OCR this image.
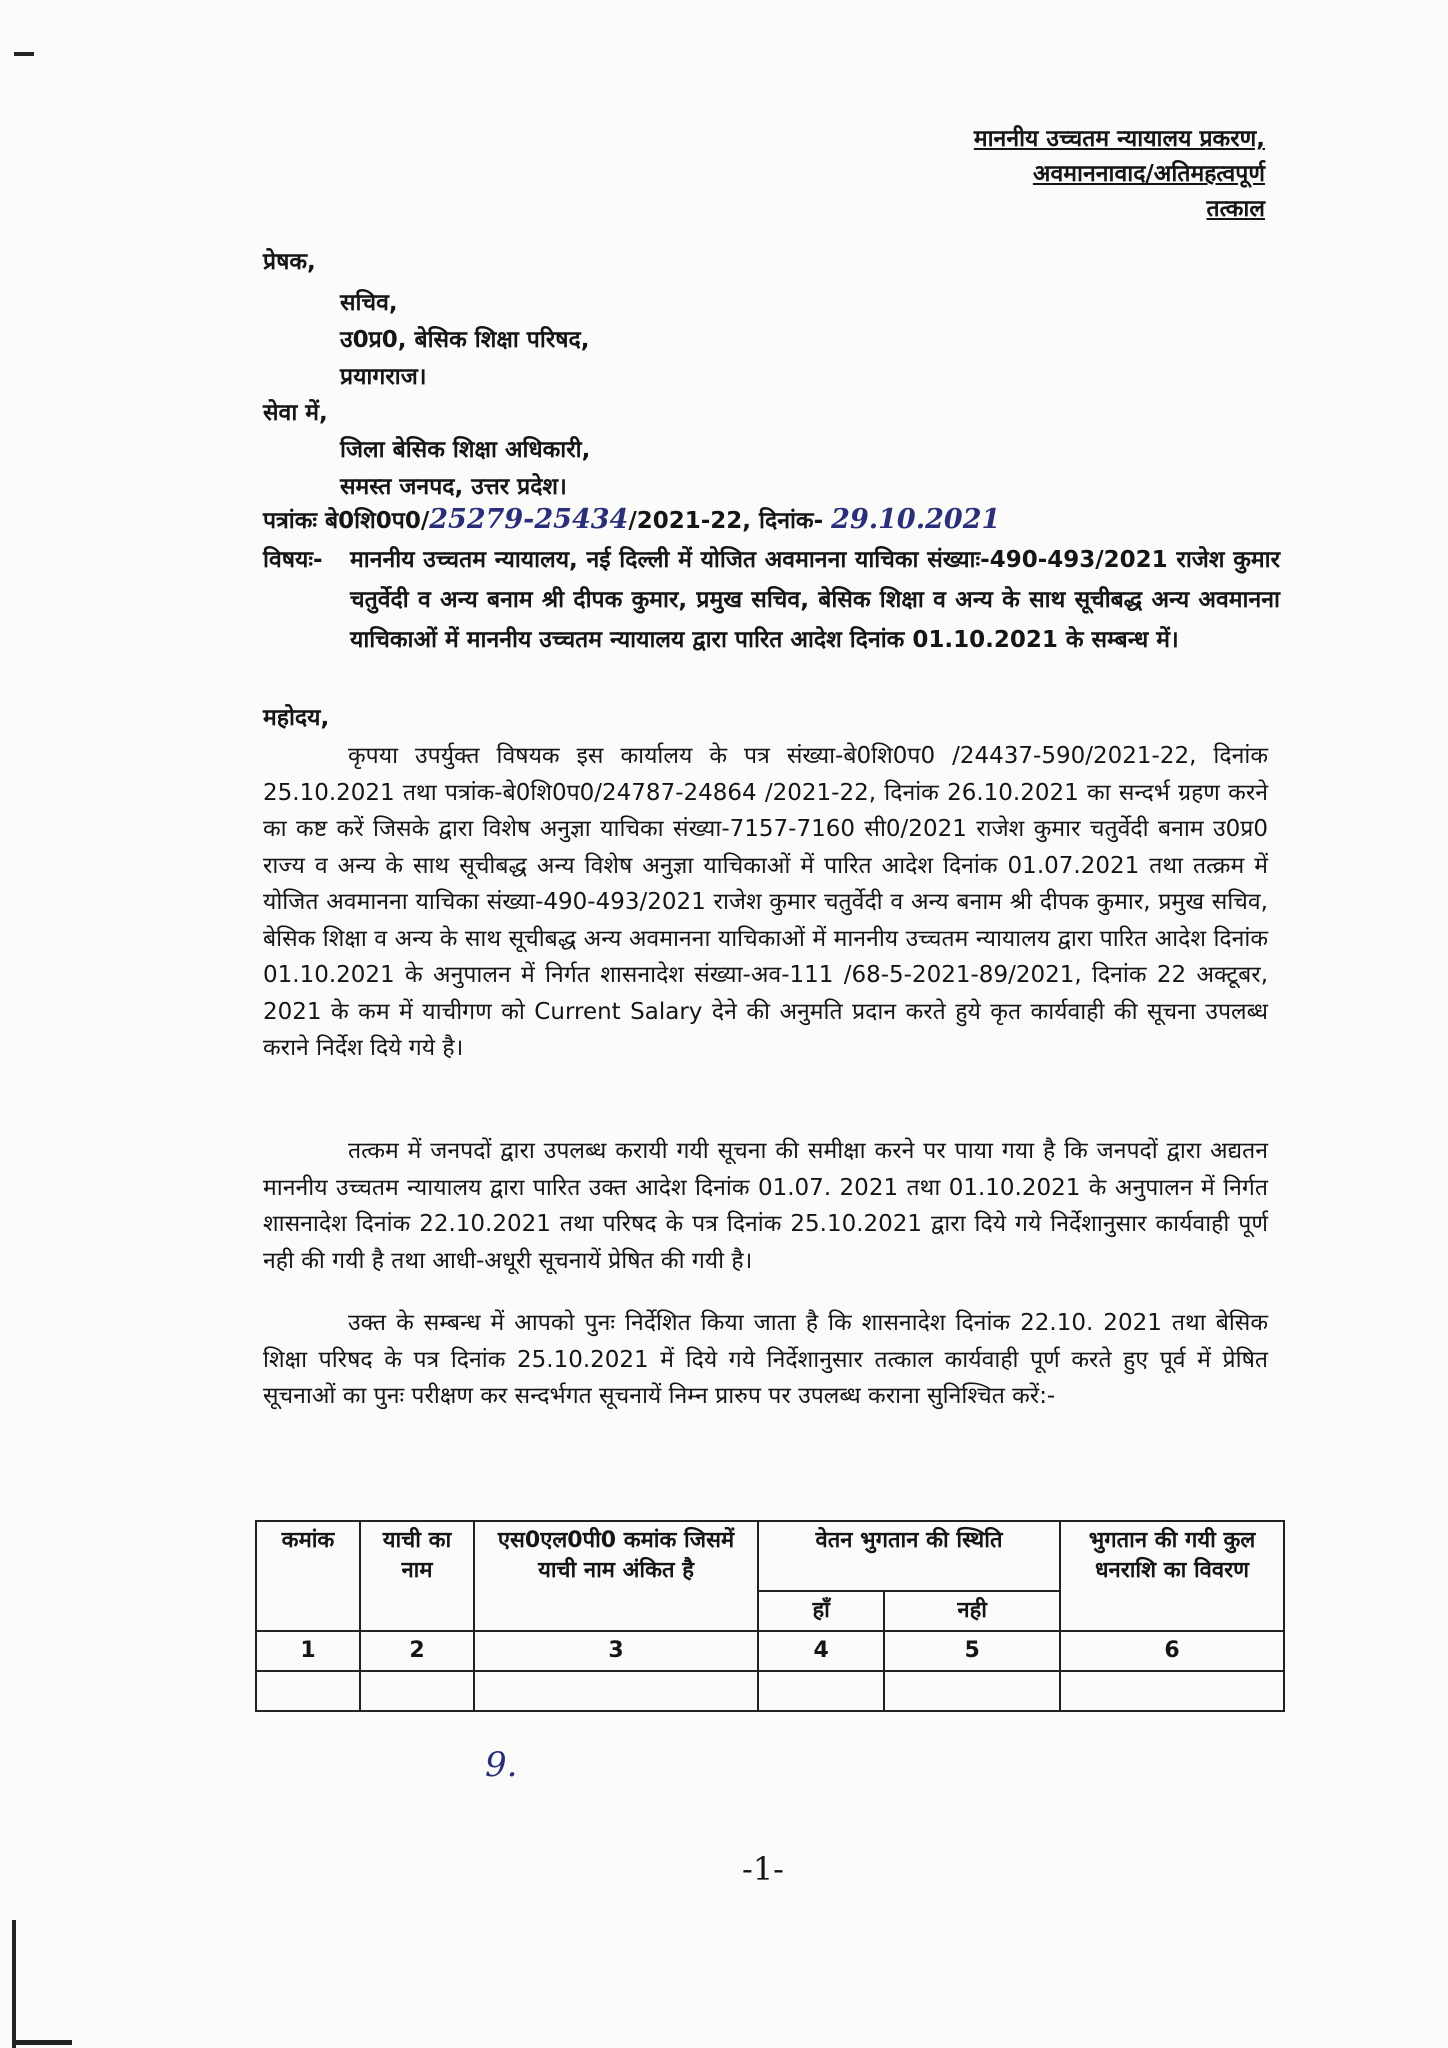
माननीय उच्चतम न्यायालय प्रकरण,
अवमाननावाद/अतिमहत्वपूर्ण
तत्काल
प्रेषक,
सचिव,
उ0प्र0, बेसिक शिक्षा परिषद,
प्रयागराज।
सेवा में,
जिला बेसिक शिक्षा अधिकारी,
समस्त जनपद, उत्तर प्रदेश।
पत्रांकः बे0शि0प0/25279-25434/2021-22, दिनांक- 29.10.2021
विषयः- माननीय उच्चतम न्यायालय, नई दिल्ली में योजित अवमानना याचिका संख्याः-490-493/2021 राजेश कुमार चतुर्वेदी व अन्य बनाम श्री दीपक कुमार, प्रमुख सचिव, बेसिक शिक्षा व अन्य के साथ सूचीबद्ध अन्य अवमानना याचिकाओं में माननीय उच्चतम न्यायालय द्वारा पारित आदेश दिनांक 01.10.2021 के सम्बन्ध में।
महोदय,
कृपया उपर्युक्त विषयक इस कार्यालय के पत्र संख्या-बे0शि0प0 /24437-590/2021-22, दिनांक 25.10.2021 तथा पत्रांक-बे0शि0प0/24787-24864 /2021-22, दिनांक 26.10.2021 का सन्दर्भ ग्रहण करने का कष्ट करें जिसके द्वारा विशेष अनुज्ञा याचिका संख्या-7157-7160 सी0/2021 राजेश कुमार चतुर्वेदी बनाम उ0प्र0 राज्य व अन्य के साथ सूचीबद्ध अन्य विशेष अनुज्ञा याचिकाओं में पारित आदेश दिनांक 01.07.2021 तथा तत्क्रम में योजित अवमानना याचिका संख्या-490-493/2021 राजेश कुमार चतुर्वेदी व अन्य बनाम श्री दीपक कुमार, प्रमुख सचिव, बेसिक शिक्षा व अन्य के साथ सूचीबद्ध अन्य अवमानना याचिकाओं में माननीय उच्चतम न्यायालय द्वारा पारित आदेश दिनांक 01.10.2021 के अनुपालन में निर्गत शासनादेश संख्या-अव-111 /68-5-2021-89/2021, दिनांक 22 अक्टूबर, 2021 के कम में याचीगण को Current Salary देने की अनुमति प्रदान करते हुये कृत कार्यवाही की सूचना उपलब्ध कराने निर्देश दिये गये है।
तत्कम में जनपदों द्वारा उपलब्ध करायी गयी सूचना की समीक्षा करने पर पाया गया है कि जनपदों द्वारा अद्यतन माननीय उच्चतम न्यायालय द्वारा पारित उक्त आदेश दिनांक 01.07. 2021 तथा 01.10.2021 के अनुपालन में निर्गत शासनादेश दिनांक 22.10.2021 तथा परिषद के पत्र दिनांक 25.10.2021 द्वारा दिये गये निर्देशानुसार कार्यवाही पूर्ण नही की गयी है तथा आधी-अधूरी सूचनायें प्रेषित की गयी है।
उक्त के सम्बन्ध में आपको पुनः निर्देशित किया जाता है कि शासनादेश दिनांक 22.10. 2021 तथा बेसिक शिक्षा परिषद के पत्र दिनांक 25.10.2021 में दिये गये निर्देशानुसार तत्काल कार्यवाही पूर्ण करते हुए पूर्व में प्रेषित सूचनाओं का पुनः परीक्षण कर सन्दर्भगत सूचनायें निम्न प्रारुप पर उपलब्ध कराना सुनिश्चित करें:-
कमांक	याची का नाम	एस0एल0पी0 कमांक जिसमें याची नाम अंकित है	वेतन भुगतान की स्थिति		भुगतान की गयी कुल धनराशि का विवरण
			हाँ	नही	
1	2	3	4	5	6

9.
-1-
